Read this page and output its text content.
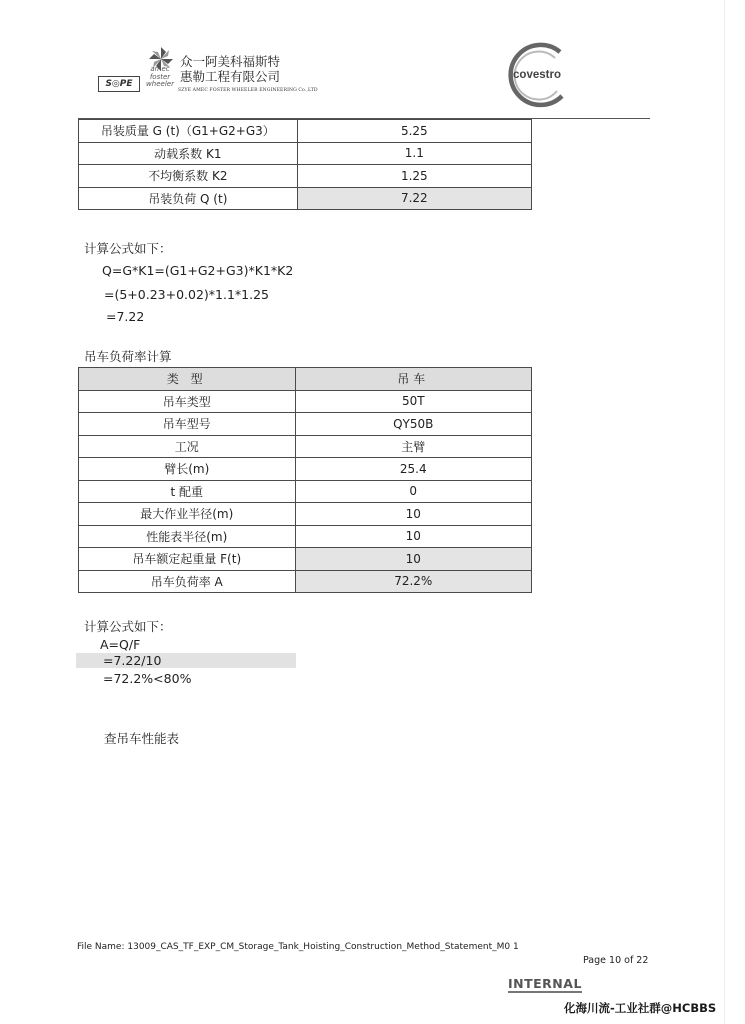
S◎PE
amec
foster
wheeler
众一阿美科福斯特
惠勒工程有限公司
SZYE AMEC FOSTER WHEELER ENGINEERING Co.,LTD
covestro
吊装质量 G (t)（G1+G2+G3）	5.25
动载系数 K1	1.1
不均衡系数 K2	1.25
吊装负荷 Q (t)	7.22
计算公式如下：
Q=G*K1=(G1+G2+G3)*K1*K2
=(5+0.23+0.02)*1.1*1.25
=7.22
吊车负荷率计算
类 型	吊车
吊车类型	50T
吊车型号	QY50B
工况	主臂
臂长(m)	25.4
t 配重	0
最大作业半径(m)	10
性能表半径(m)	10
吊车额定起重量 F(t)	10
吊车负荷率 A	72.2%
计算公式如下：
A=Q/F
=7.22/10
=72.2%<80%
查吊车性能表
File Name: 13009_CAS_TF_EXP_CM_Storage_Tank_Hoisting_Construction_Method_Statement_M0 1
Page 10 of 22
INTERNAL
化海川流-工业社群@HCBBS
